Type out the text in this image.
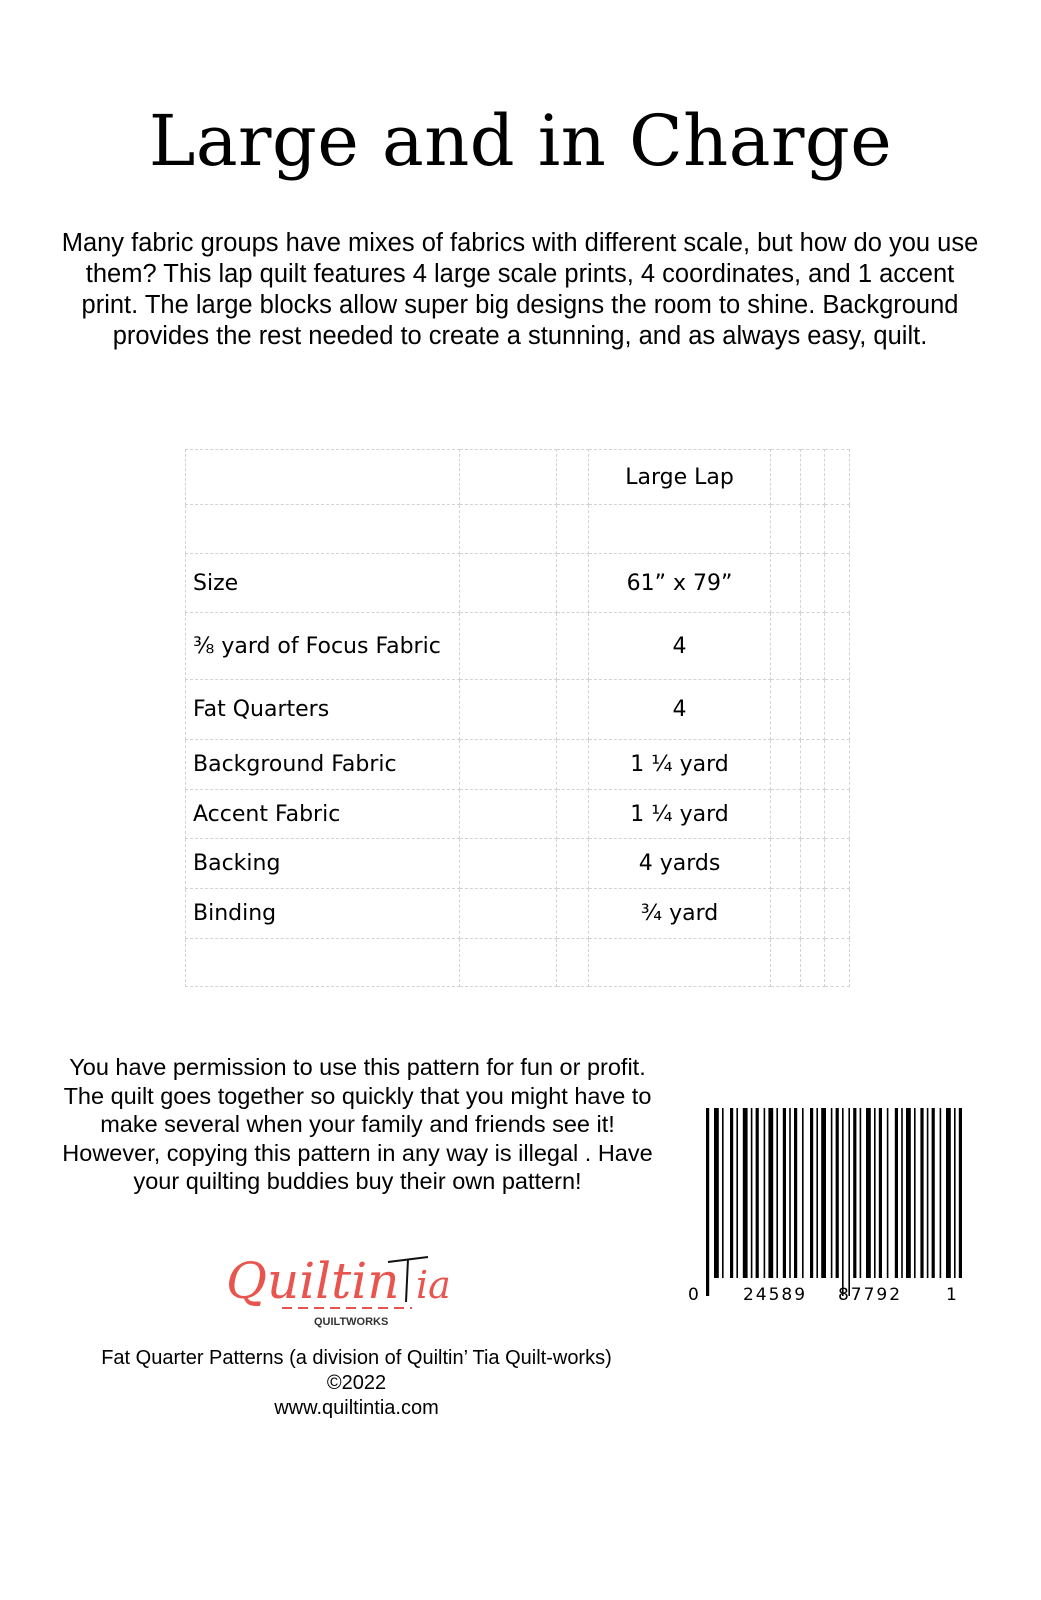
Large and in Charge

Many fabric groups have mixes of fabrics with different scale, but how do you use them? This lap quilt features 4 large scale prints, 4 coordinates, and 1 accent print. The large blocks allow super big designs the room to shine. Background provides the rest needed to create a stunning, and as always easy, quilt.

			Large Lap			

Size			61” x 79”			
⅜ yard of Focus Fabric			4			
Fat Quarters			4			
Background Fabric			1 ¼ yard			
Accent Fabric			1 ¼ yard			
Backing			4 yards			
Binding			¾ yard			

You have permission to use this pattern for fun or profit. The quilt goes together so quickly that you might have to make several when your family and friends see it! However, copying this pattern in any way is illegal . Have your quilting buddies buy their own pattern!

Quiltin ia
QUILTWORKS
Fat Quarter Patterns (a division of Quiltin’ Tia Quilt-works)
©2022
www.quiltintia.com
0	24589 87792	1
